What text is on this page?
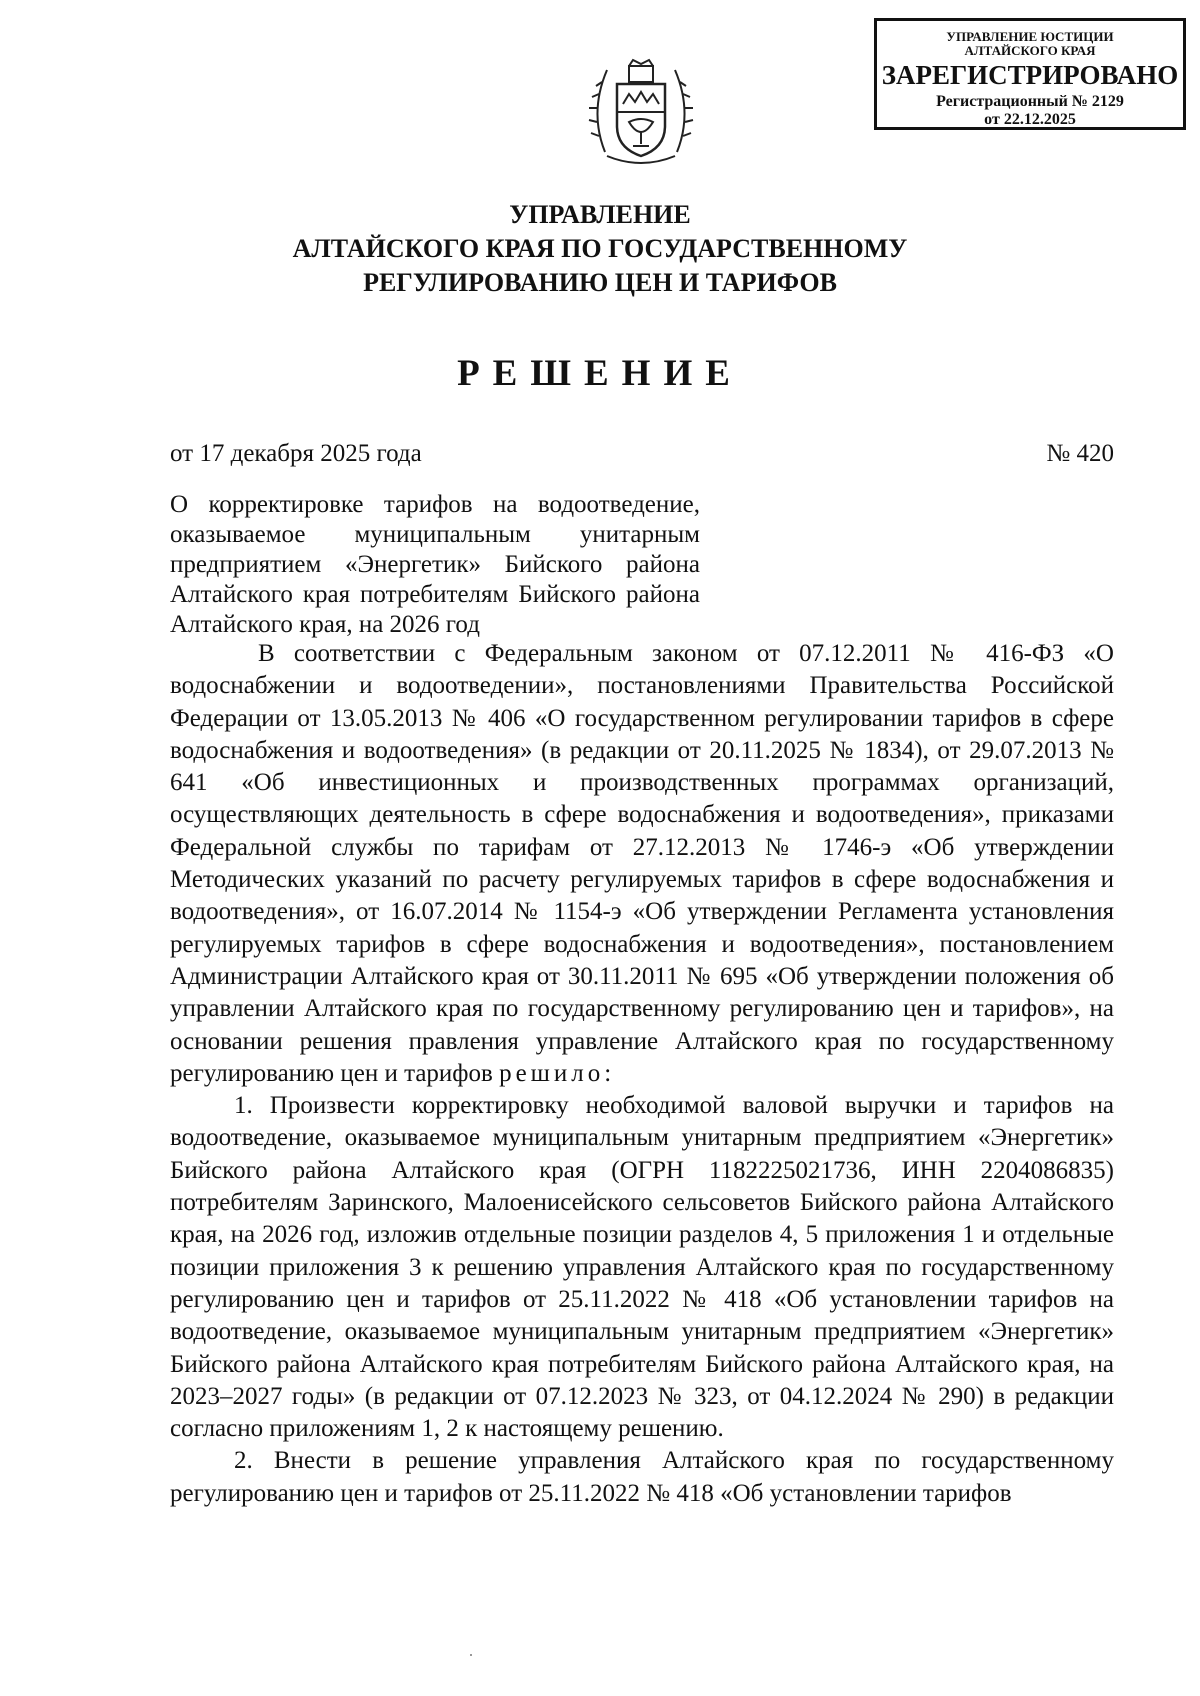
УПРАВЛЕНИЕ ЮСТИЦИИ
АЛТАЙСКОГО КРАЯ
ЗАРЕГИСТРИРОВАНО
Регистрационный № 2129
от 22.12.2025
УПРАВЛЕНИЕ
АЛТАЙСКОГО КРАЯ ПО ГОСУДАРСТВЕННОМУ
РЕГУЛИРОВАНИЮ ЦЕН И ТАРИФОВ
РЕШЕНИЕ
от 17 декабря 2025 года	№ 420
О корректировке тарифов на водоотведение, оказываемое муниципальным унитарным предприятием «Энергетик» Бийского района Алтайского края потребителям Бийского района Алтайского края, на 2026 год

В соответствии с Федеральным законом от 07.12.2011 № 416-ФЗ «О водоснабжении и водоотведении», постановлениями Правительства Российской Федерации от 13.05.2013 № 406 «О государственном регулировании тарифов в сфере водоснабжения и водоотведения» (в редакции от 20.11.2025 № 1834), от 29.07.2013 № 641 «Об инвестиционных и производственных программах организаций, осуществляющих деятельность в сфере водоснабжения и водоотведения», приказами Федеральной службы по тарифам от 27.12.2013 № 1746-э «Об утверждении Методических указаний по расчету регулируемых тарифов в сфере водоснабжения и водоотведения», от 16.07.2014 № 1154-э «Об утверждении Регламента установления регулируемых тарифов в сфере водоснабжения и водоотведения», постановлением Администрации Алтайского края от 30.11.2011 № 695 «Об утверждении положения об управлении Алтайского края по государственному регулированию цен и тарифов», на основании решения правления управление Алтайского края по государственному регулированию цен и тарифов решило:

1. Произвести корректировку необходимой валовой выручки и тарифов на водоотведение, оказываемое муниципальным унитарным предприятием «Энергетик» Бийского района Алтайского края (ОГРН 1182225021736, ИНН 2204086835) потребителям Заринского, Малоенисейского сельсоветов Бийского района Алтайского края, на 2026 год, изложив отдельные позиции разделов 4, 5 приложения 1 и отдельные позиции приложения 3 к решению управления Алтайского края по государственному регулированию цен и тарифов от 25.11.2022 № 418 «Об установлении тарифов на водоотведение, оказываемое муниципальным унитарным предприятием «Энергетик» Бийского района Алтайского края потребителям Бийского района Алтайского края, на 2023–2027 годы» (в редакции от 07.12.2023 № 323, от 04.12.2024 № 290) в редакции согласно приложениям 1, 2 к настоящему решению.

2. Внести в решение управления Алтайского края по государственному регулированию цен и тарифов от 25.11.2022 № 418 «Об установлении тарифов
